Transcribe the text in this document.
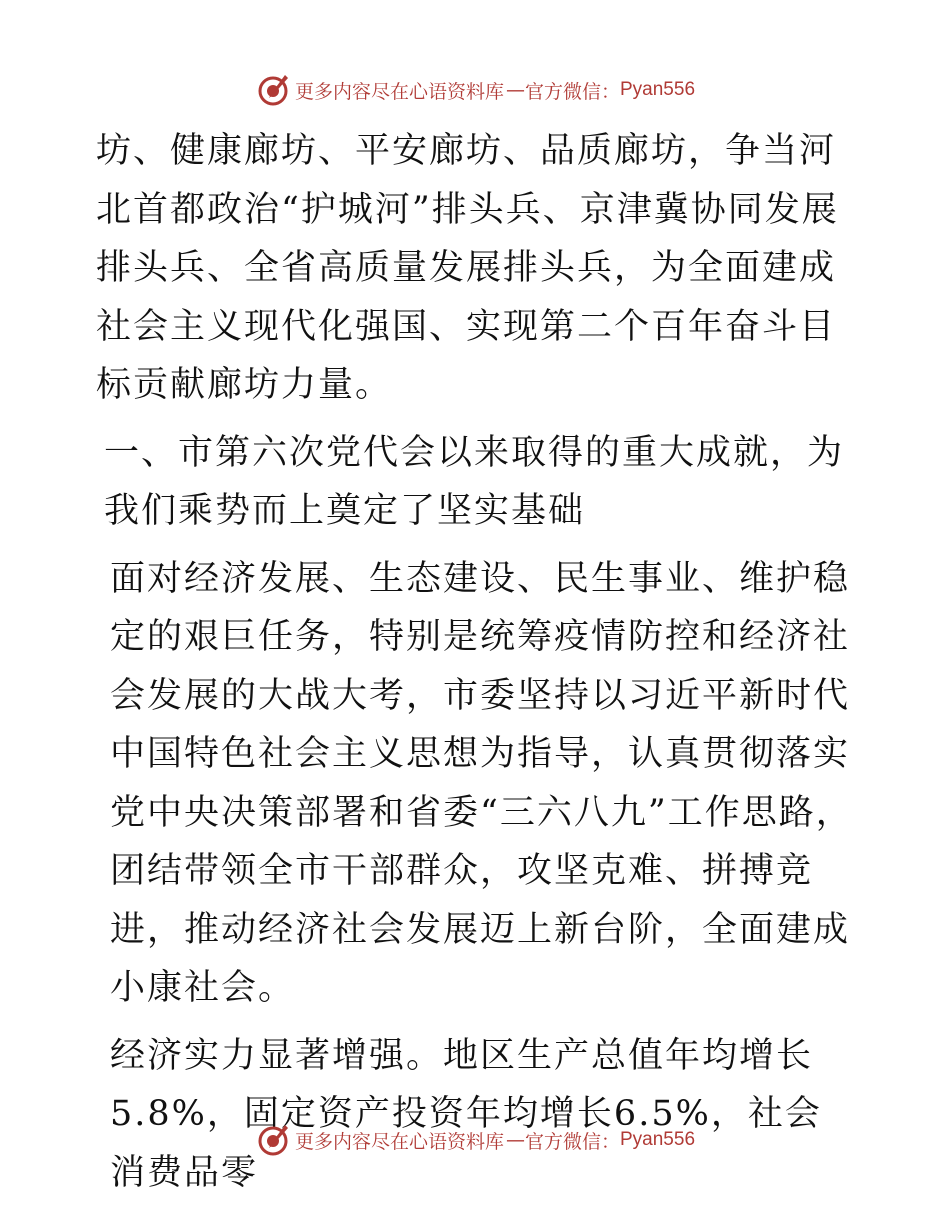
更多内容尽在心语资料库 — 官方微信： Pyan556

坊、健康廊坊、平安廊坊、品质廊坊，争当河北首都政治“护城河”排头兵、京津冀协同发展排头兵、全省高质量发展排头兵，为全面建成社会主义现代化强国、实现第二个百年奋斗目标贡献廊坊力量。

一、市第六次党代会以来取得的重大成就，为我们乘势而上奠定了坚实基础

面对经济发展、生态建设、民生事业、维护稳定的艰巨任务，特别是统筹疫情防控和经济社会发展的大战大考，市委坚持以习近平新时代中国特色社会主义思想为指导，认真贯彻落实党中央决策部署和省委“三六八九”工作思路，团结带领全市干部群众，攻坚克难、拼搏竞进，推动经济社会发展迈上新台阶，全面建成小康社会。

经济实力显著增强。地区生产总值年均增长5.8%，固定资产投资年均增长6.5%，社会消费品零

更多内容尽在心语资料库 — 官方微信： Pyan556
